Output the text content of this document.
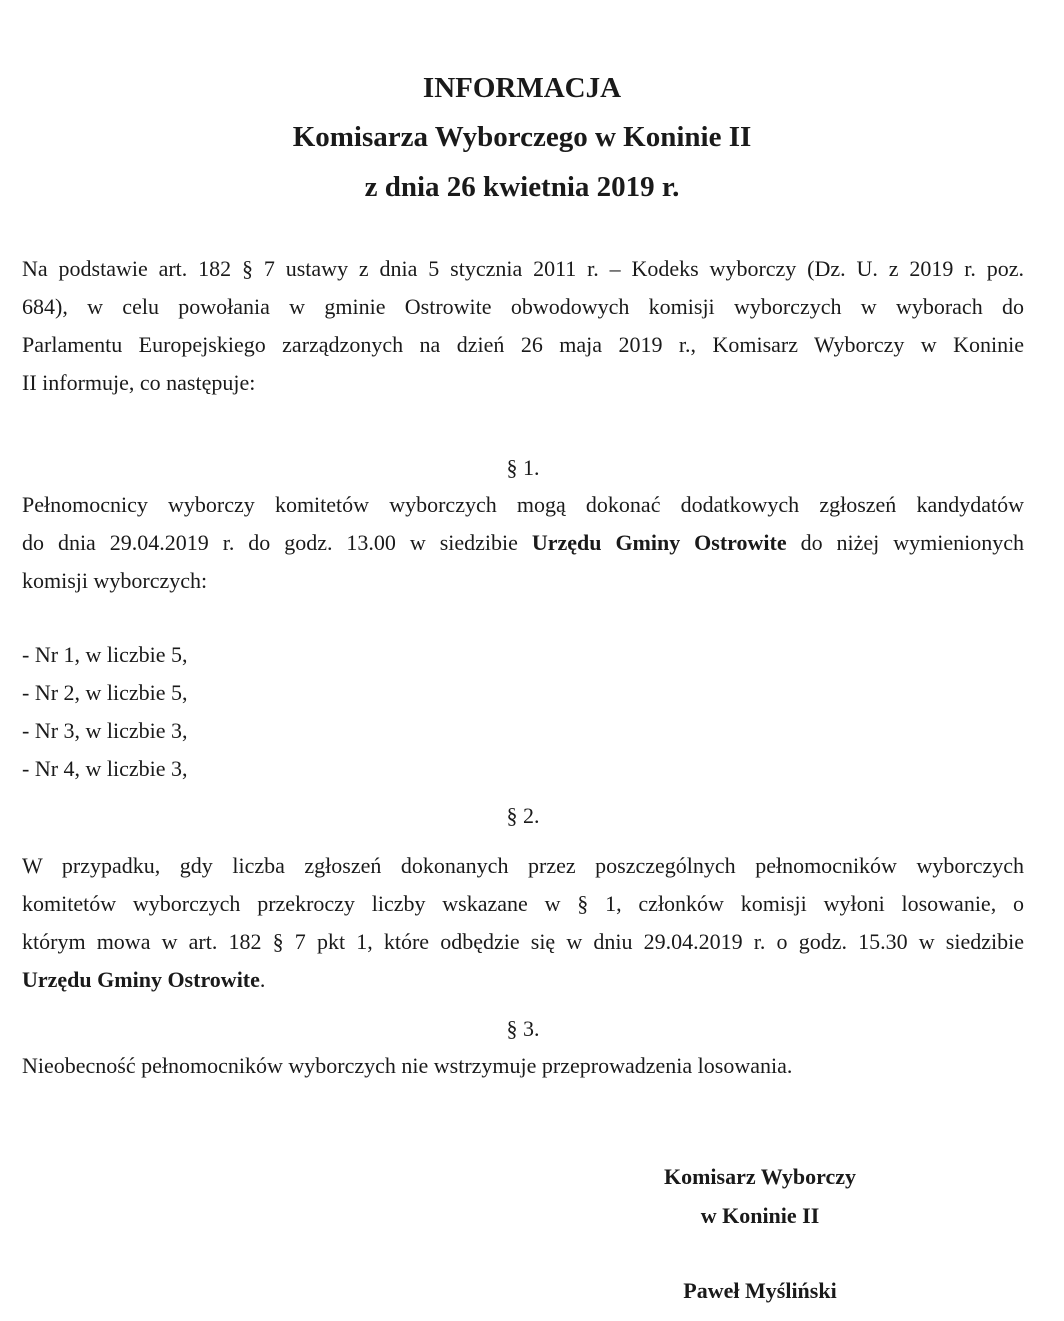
INFORMACJA
Komisarza Wyborczego w Koninie II
z dnia 26 kwietnia 2019 r.
Na podstawie art. 182 § 7 ustawy z dnia 5 stycznia 2011 r. – Kodeks wyborczy (Dz. U. z 2019 r. poz.
684), w celu powołania w gminie Ostrowite obwodowych komisji wyborczych w wyborach do
Parlamentu Europejskiego zarządzonych na dzień 26 maja 2019 r., Komisarz Wyborczy w Koninie
II informuje, co następuje:
§ 1.
Pełnomocnicy wyborczy komitetów wyborczych mogą dokonać dodatkowych zgłoszeń kandydatów
do dnia 29.04.2019 r. do godz. 13.00 w siedzibie Urzędu Gminy Ostrowite do niżej wymienionych
komisji wyborczych:
- Nr 1, w liczbie 5,
- Nr 2, w liczbie 5,
- Nr 3, w liczbie 3,
- Nr 4, w liczbie 3,
§ 2.
W przypadku, gdy liczba zgłoszeń dokonanych przez poszczególnych pełnomocników wyborczych
komitetów wyborczych przekroczy liczby wskazane w § 1, członków komisji wyłoni losowanie, o
którym mowa w art. 182 § 7 pkt 1, które odbędzie się w dniu 29.04.2019 r. o godz. 15.30 w siedzibie
Urzędu Gminy Ostrowite.
§ 3.
Nieobecność pełnomocników wyborczych nie wstrzymuje przeprowadzenia losowania.
Komisarz Wyborczy
w Koninie II
Paweł Myśliński
